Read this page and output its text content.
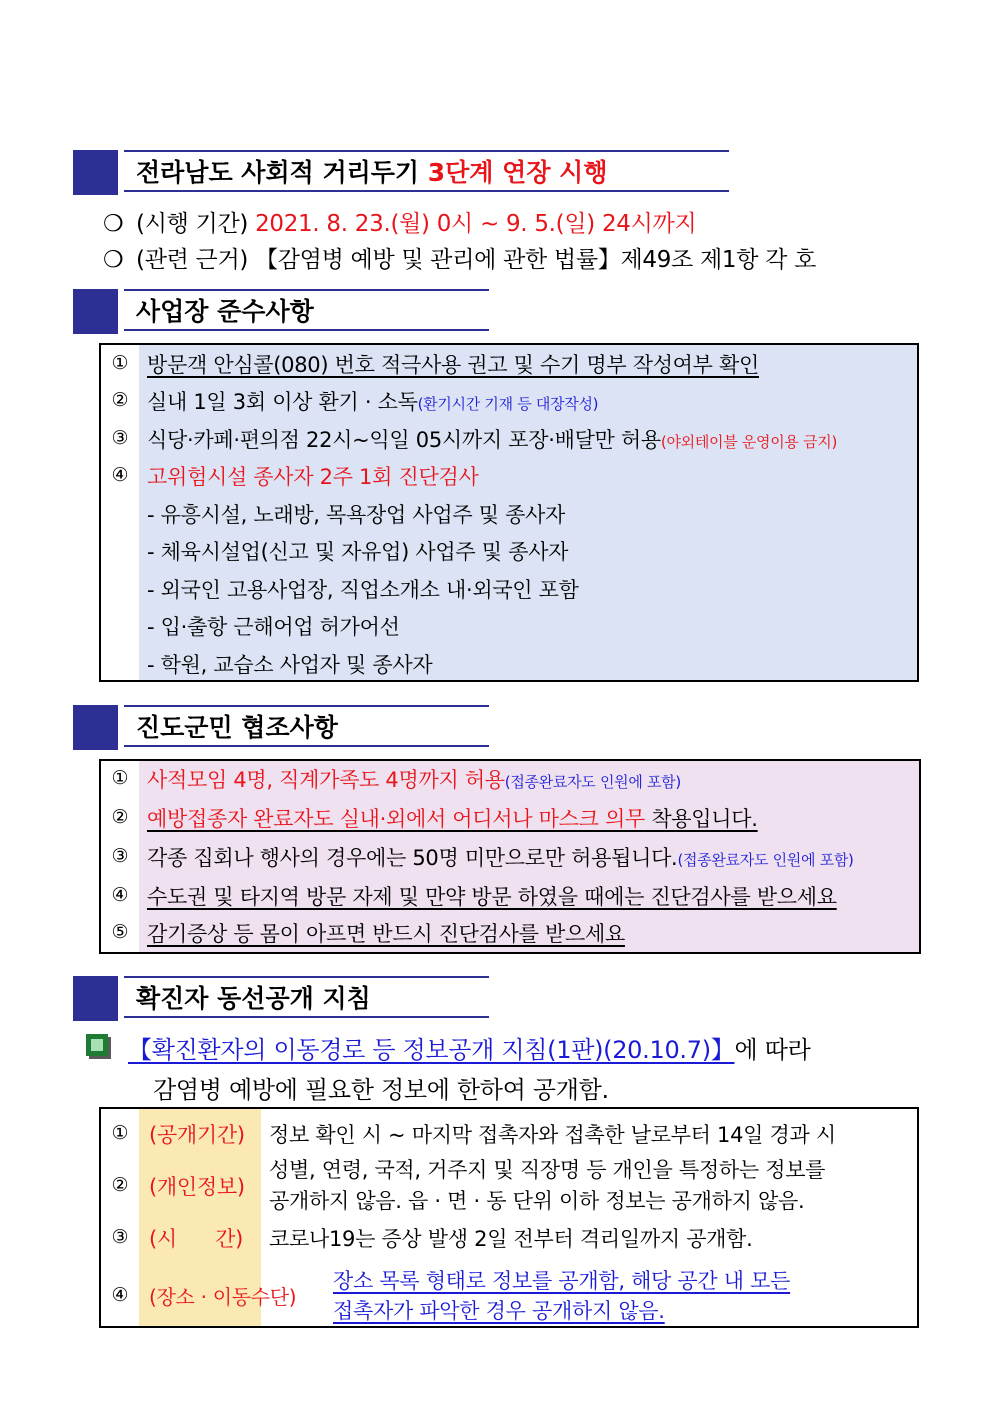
전라남도 사회적 거리두기 3단계 연장 시행
❍ (시행 기간) 2021. 8. 23.(월) 0시 ~ 9. 5.(일) 24시까지
❍ (관련 근거) 【감염병 예방 및 관리에 관한 법률】제49조 제1항 각 호
사업장 준수사항
① 방문객 안심콜(080) 번호 적극사용 권고 및 수기 명부 작성여부 확인
② 실내 1일 3회 이상 환기 · 소독(환기시간 기재 등 대장작성)
③ 식당·카페·편의점 22시~익일 05시까지 포장·배달만 허용(야외테이블 운영이용 금지)
④ 고위험시설 종사자 2주 1회 진단검사
- 유흥시설, 노래방, 목욕장업 사업주 및 종사자
- 체육시설업(신고 및 자유업) 사업주 및 종사자
- 외국인 고용사업장, 직업소개소 내·외국인 포함
- 입·출항 근해어업 허가어선
- 학원, 교습소 사업자 및 종사자
진도군민 협조사항
① 사적모임 4명, 직계가족도 4명까지 허용(접종완료자도 인원에 포함)
② 예방접종자 완료자도 실내·외에서 어디서나 마스크 의무 착용입니다.
③ 각종 집회나 행사의 경우에는 50명 미만으로만 허용됩니다.(접종완료자도 인원에 포함)
④ 수도권 및 타지역 방문 자제 및 만약 방문 하였을 때에는 진단검사를 받으세요
⑤ 감기증상 등 몸이 아프면 반드시 진단검사를 받으세요
확진자 동선공개 지침
【확진환자의 이동경로 등 정보공개 지침(1판)(20.10.7)】에 따라
감염병 예방에 필요한 정보에 한하여 공개함.
① (공개기간) 정보 확인 시 ~ 마지막 접촉자와 접촉한 날로부터 14일 경과 시
② (개인정보)
성별, 연령, 국적, 거주지 및 직장명 등 개인을 특정하는 정보를
공개하지 않음. 읍 · 면 · 동 단위 이하 정보는 공개하지 않음.
③ (시      간) 코로나19는 증상 발생 2일 전부터 격리일까지 공개함.
④ (장소 · 이동수단)
장소 목록 형태로 정보를 공개함, 해당 공간 내 모든
접촉자가 파악한 경우 공개하지 않음.
